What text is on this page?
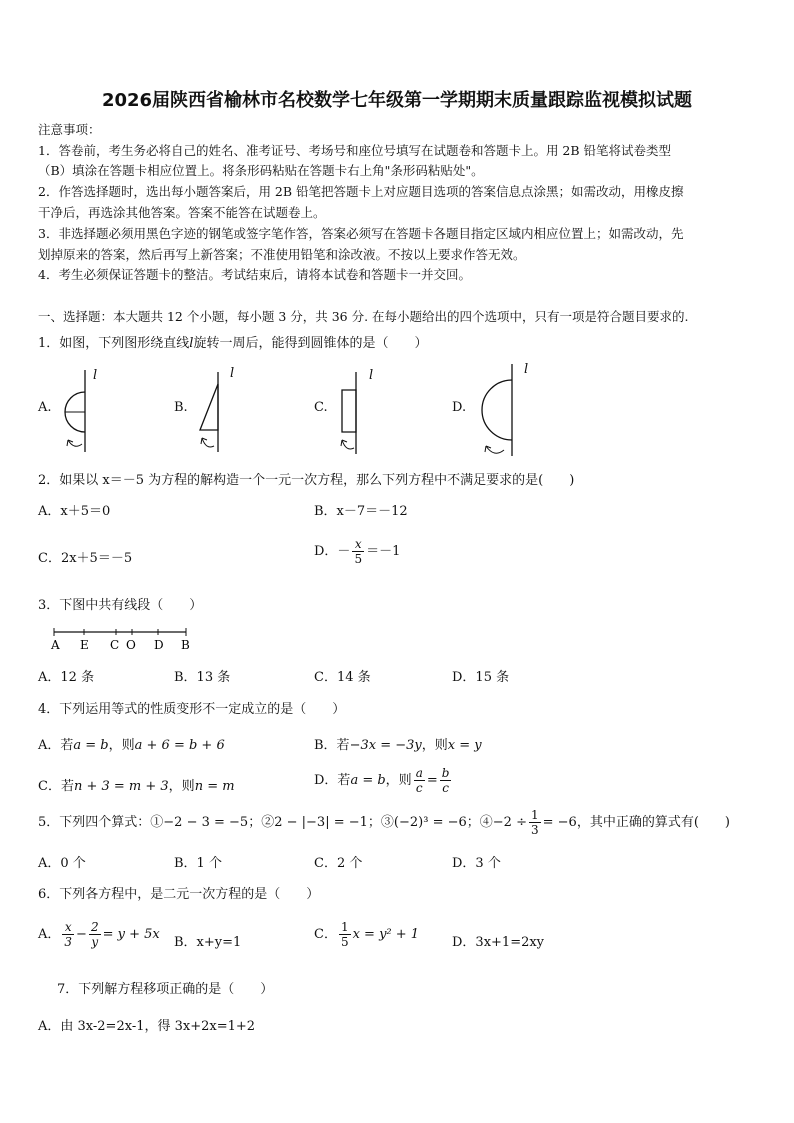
2026届陕西省榆林市名校数学七年级第一学期期末质量跟踪监视模拟试题
注意事项：
1．答卷前，考生务必将自己的姓名、准考证号、考场号和座位号填写在试题卷和答题卡上。用 2B 铅笔将试卷类型
（B）填涂在答题卡相应位置上。将条形码粘贴在答题卡右上角"条形码粘贴处"。
2．作答选择题时，选出每小题答案后，用 2B 铅笔把答题卡上对应题目选项的答案信息点涂黑；如需改动，用橡皮擦
干净后，再选涂其他答案。答案不能答在试题卷上。
3．非选择题必须用黑色字迹的钢笔或签字笔作答，答案必须写在答题卡各题目指定区域内相应位置上；如需改动，先
划掉原来的答案，然后再写上新答案；不准使用铅笔和涂改液。不按以上要求作答无效。
4．考生必须保证答题卡的整洁。考试结束后，请将本试卷和答题卡一并交回。
一、选择题：本大题共 12 个小题，每小题 3 分，共 36 分. 在每小题给出的四个选项中，只有一项是符合题目要求的.
1．如图，下列图形绕直线l旋转一周后，能得到圆锥体的是（　　）
A.	B.	C.	D.
l	l	l	l
2．如果以 x＝－5 为方程的解构造一个一元一次方程，那么下列方程中不满足要求的是(　　)
A．x＋5＝0	B．x－7＝－12
C．2x＋5＝－5	D．－ $\frac{x}{5} =-1$
3．下图中共有线段（　　）
A E C O D B
A．12 条	B．13 条	C．14 条	D．15 条
4．下列运用等式的性质变形不一定成立的是（　　）
A．若a = b，则a + 6 = b + 6	B．若−3x = −3y，则x = y
C．若n + 3 = m + 3，则n = m	D．若a = b，则 $\frac{a}{c} = \frac{b}{c}$
5．下列四个算式：①−2 − 3 = −5；②2 − |−3| = −1；③(−2)³ = −6；④−2 ÷ $\frac{1}{3} = -6$，其中正确的算式有(　　)
A．0 个	B．1 个	C．2 个	D．3 个
6．下列各方程中，是二元一次方程的是（　　）
A． $\frac{x}{3} - \frac{2}{y} = y + 5x$
B．x+y=1
C． $\frac{1}{5}$ x = y² + 1
D．3x+1=2xy
7．下列解方程移项正确的是（　　）
A．由 3x-2=2x-1，得 3x+2x=1+2
